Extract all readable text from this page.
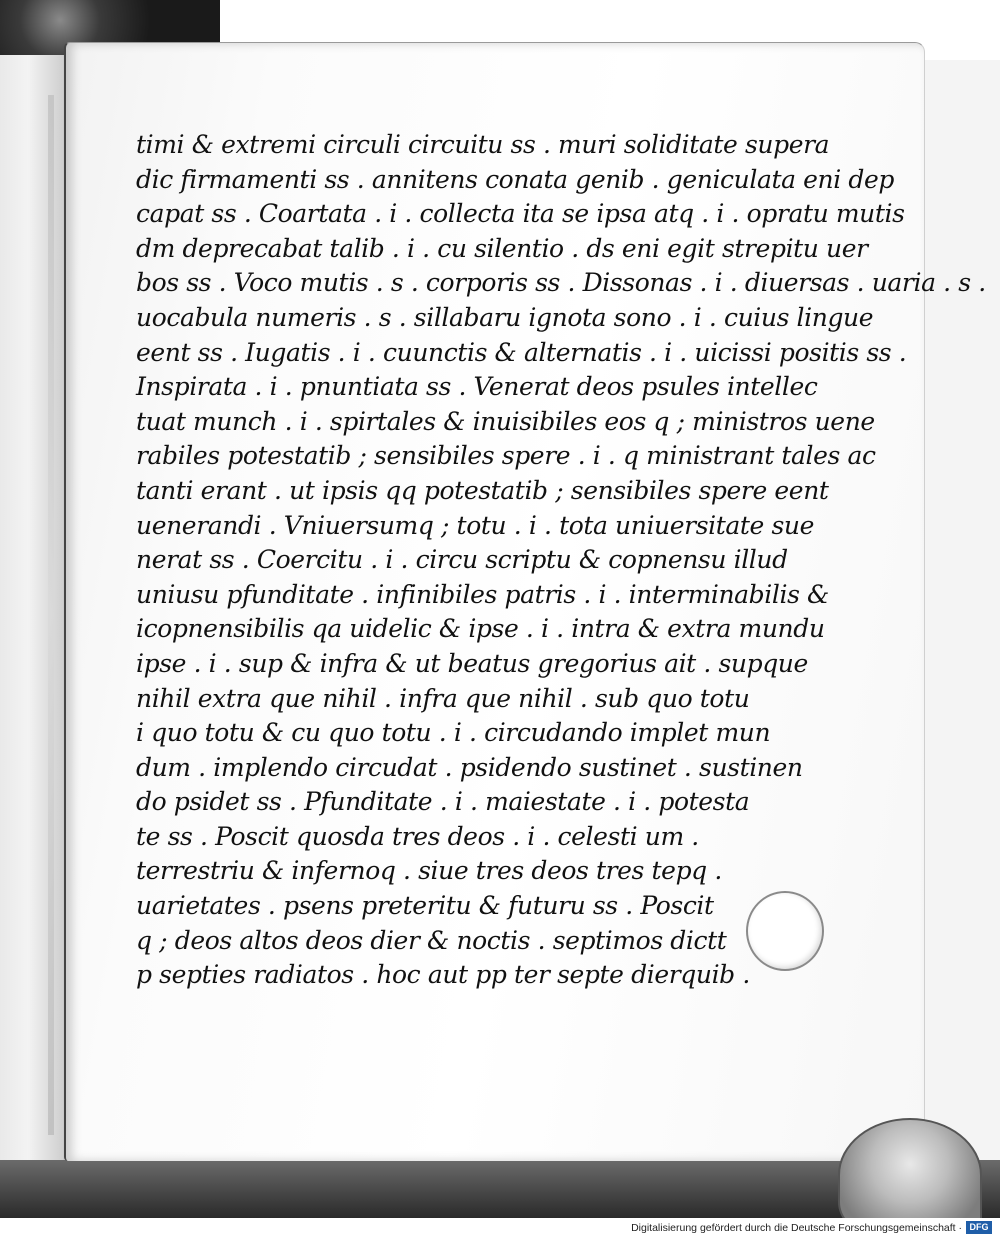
timi & extremi circuli circuitu ss . muri soliditate supera
dic firmamenti ss . annitens conata genib . geniculata eni dep
capat ss . Coartata . i . collecta ita se ipsa atq . i . opratu mutis
dm deprecabat talib . i . cu silentio . ds eni egit strepitu uer
bos ss . Voco mutis . s . corporis ss . Dissonas . i . diuersas . uaria . s .
uocabula numeris . s . sillabaru ignota sono . i . cuius lingue
eent ss . Iugatis . i . cuunctis & alternatis . i . uicissi positis ss .
Inspirata . i . pnuntiata ss . Venerat deos psules intellec
tuat munch . i . spirtales & inuisibiles eos q ; ministros uene
rabiles potestatib ; sensibiles spere . i . q ministrant tales ac
tanti erant . ut ipsis qq potestatib ; sensibiles spere eent
uenerandi . Vniuersumq ; totu . i . tota uniuersitate sue
nerat ss . Coercitu . i . circu scriptu & copnensu illud
uniusu pfunditate . infinibiles patris . i . interminabilis &
icopnensibilis qa uidelic & ipse . i . intra & extra mundu
ipse . i . sup & infra & ut beatus gregorius ait . supque
nihil extra que nihil . infra que nihil . sub quo totu
i quo totu & cu quo totu . i . circudando implet mun
dum . implendo circudat . psidendo sustinet . sustinen
do psidet ss . Pfunditate . i . maiestate . i . potesta
te ss . Poscit quosda tres deos . i . celesti um .
terrestriu & infernoq . siue tres deos tres tepq .
uarietates . psens preteritu & futuru ss . Poscit
q ; deos altos deos dier & noctis . septimos dictt
p septies radiatos . hoc aut pp ter septe dierquib .
Digitalisierung gefördert durch die Deutsche Forschungsgemeinschaft · DFG
